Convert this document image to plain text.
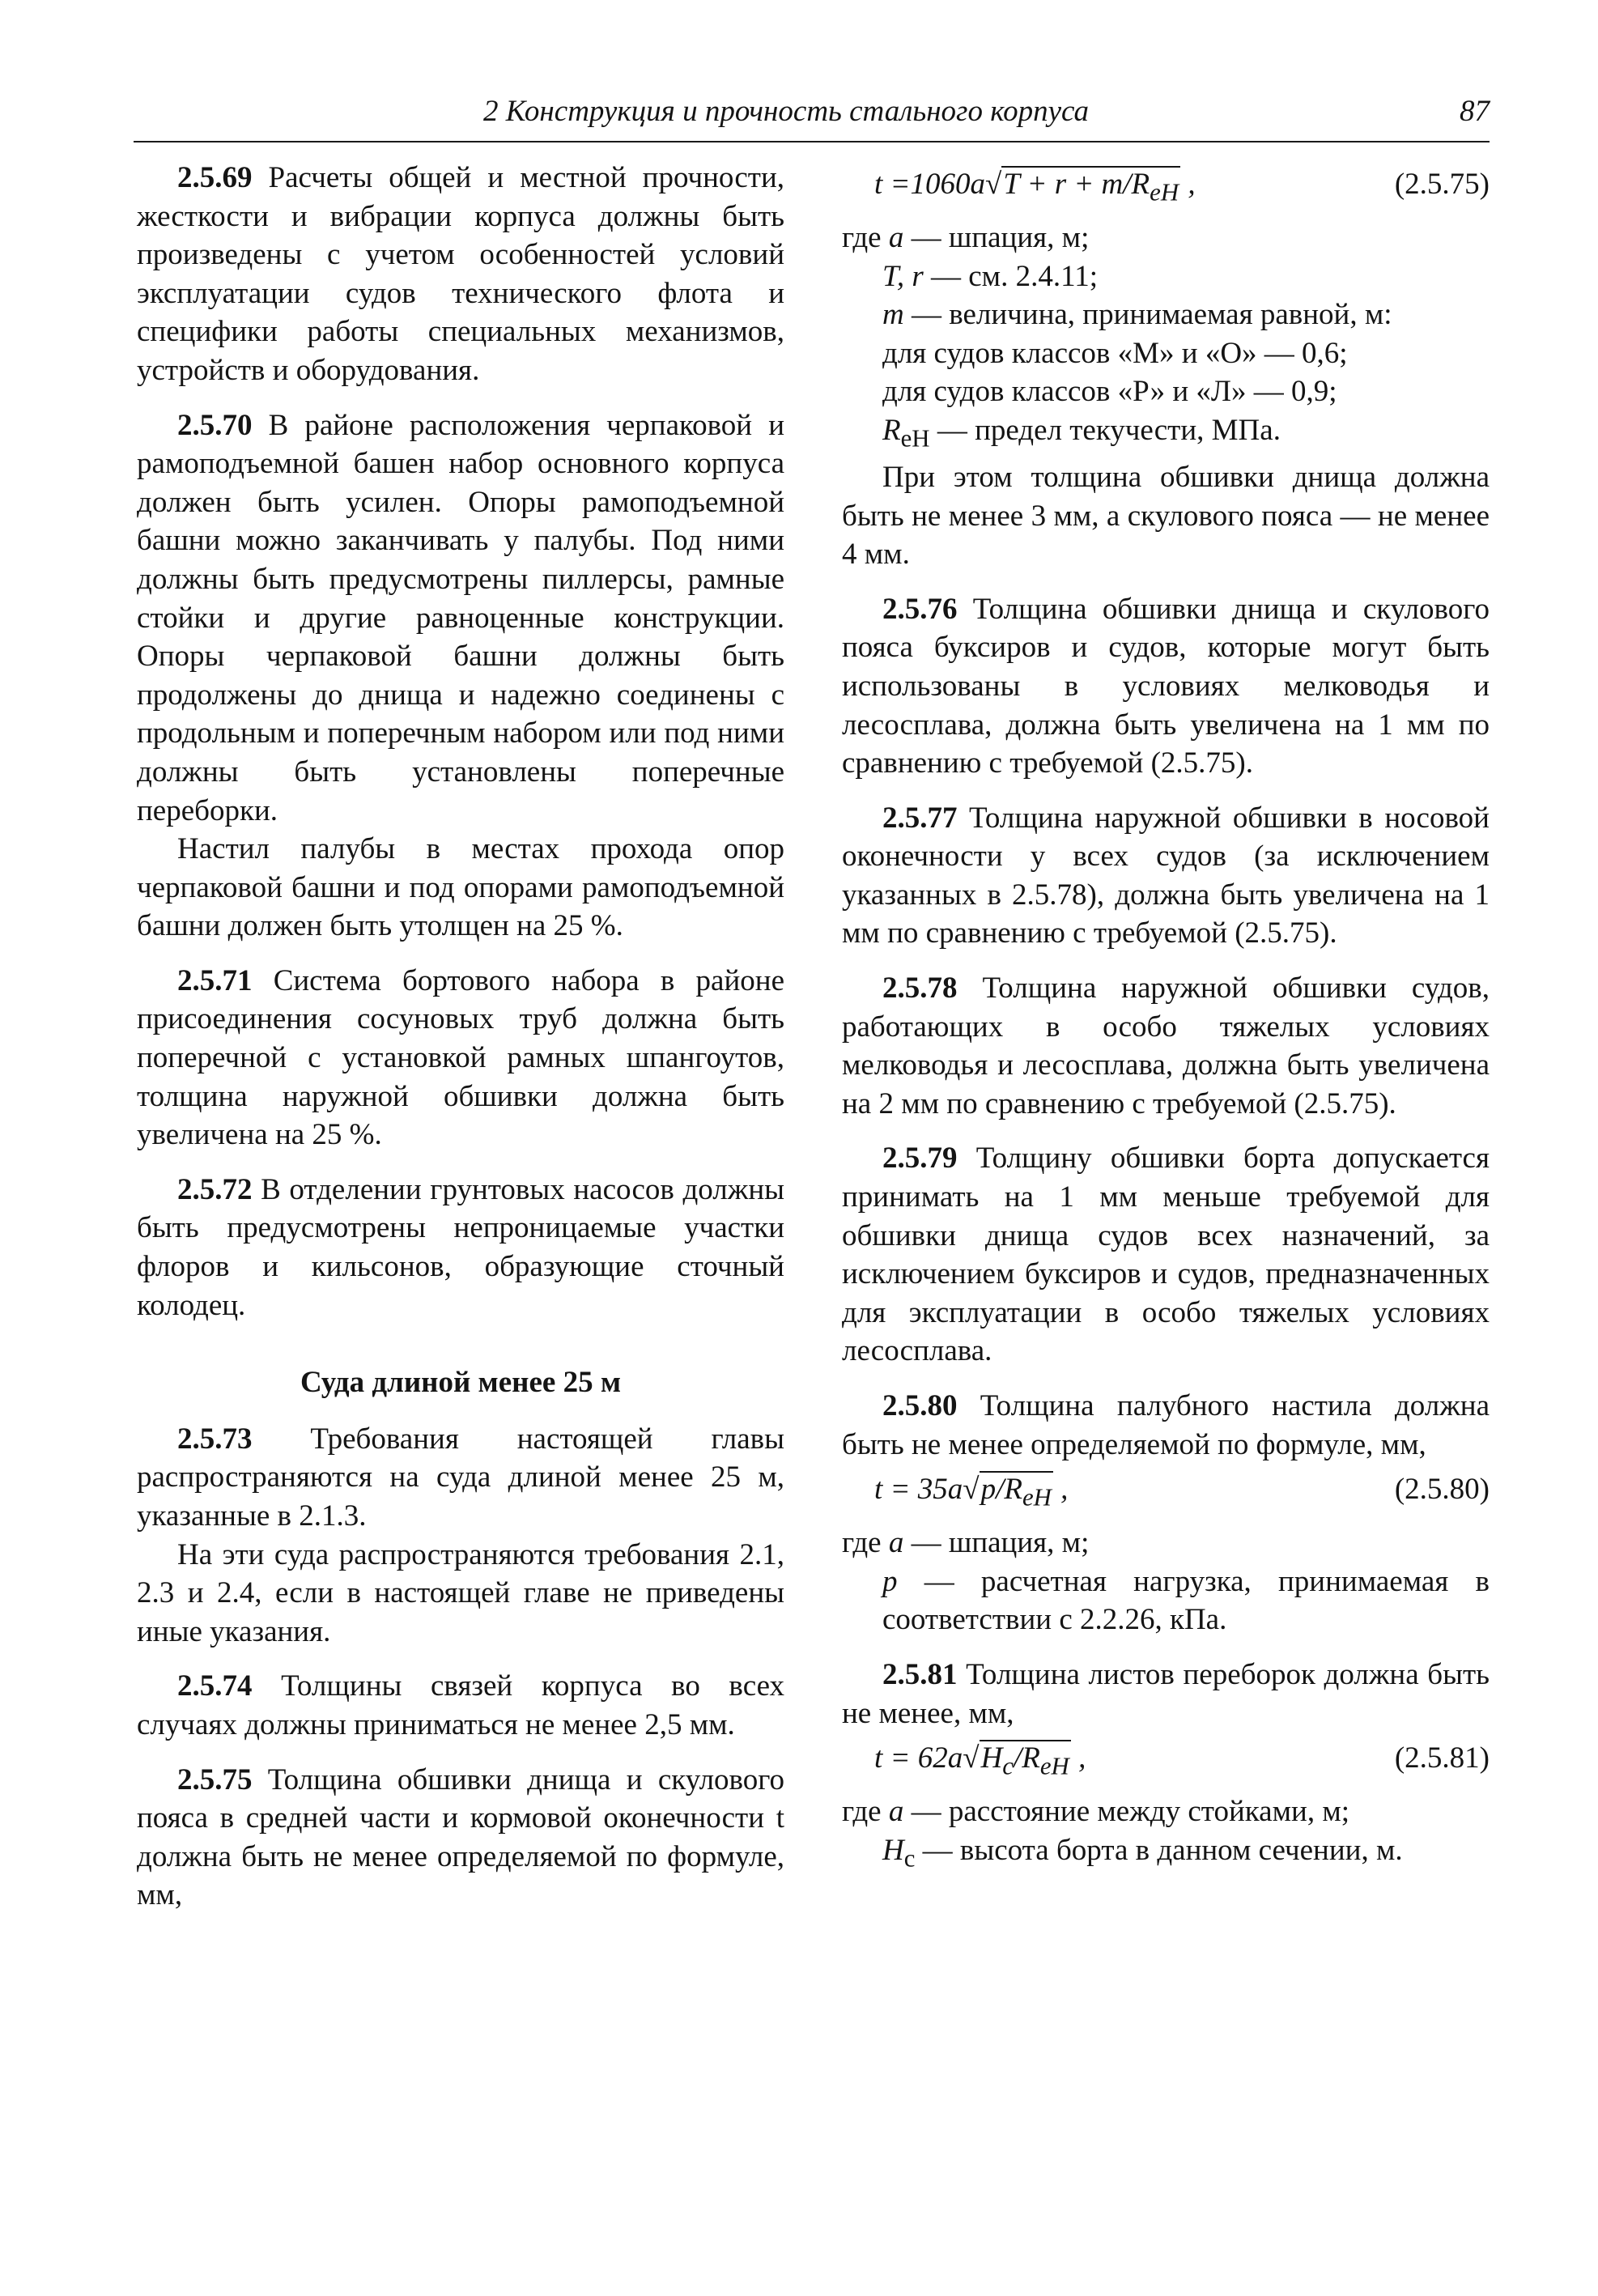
2 Конструкция и прочность стального корпуса	87

2.5.69 Расчеты общей и местной прочности, жесткости и вибрации корпуса должны быть произведены с учетом особенностей условий эксплуатации судов технического флота и специфики работы специальных механизмов, устройств и оборудования.

2.5.70 В районе расположения черпаковой и рамоподъемной башен набор основного корпуса должен быть усилен. Опоры рамоподъемной башни можно заканчивать у палубы. Под ними должны быть предусмотрены пиллерсы, рамные стойки и другие равноценные конструкции. Опоры черпаковой башни должны быть продолжены до днища и надежно соединены с продольным и поперечным набором или под ними должны быть установлены поперечные переборки.

Настил палубы в местах прохода опор черпаковой башни и под опорами рамоподъемной башни должен быть утолщен на 25 %.

2.5.71 Система бортового набора в районе присоединения сосуновых труб должна быть поперечной с установкой рамных шпангоутов, толщина наружной обшивки должна быть увеличена на 25 %.

2.5.72 В отделении грунтовых насосов должны быть предусмотрены непроницаемые участки флоров и кильсонов, образующие сточный колодец.

Суда длиной менее 25 м

2.5.73 Требования настоящей главы распространяются на суда длиной менее 25 м, указанные в 2.1.3.

На эти суда распространяются требования 2.1, 2.3 и 2.4, если в настоящей главе не приведены иные указания.

2.5.74 Толщины связей корпуса во всех случаях должны приниматься не менее 2,5 мм.

2.5.75 Толщина обшивки днища и скулового пояса в средней части и кормовой оконечности t должна быть не менее определяемой по формуле, мм,

$t =1060a√T + r + m/R_{eH}$ ,	(2.5.75)

где a — шпация, м;

T, r — см. 2.4.11;

m — величина, принимаемая равной, м:

для судов классов «М» и «О» — 0,6;

для судов классов «Р» и «Л» — 0,9;

$R_{eH}$ — предел текучести, МПа.

При этом толщина обшивки днища должна быть не менее 3 мм, а скулового пояса — не менее 4 мм.

2.5.76 Толщина обшивки днища и скулового пояса буксиров и судов, которые могут быть использованы в условиях мелководья и лесосплава, должна быть увеличена на 1 мм по сравнению с требуемой (2.5.75).

2.5.77 Толщина наружной обшивки в носовой оконечности у всех судов (за исключением указанных в 2.5.78), должна быть увеличена на 1 мм по сравнению с требуемой (2.5.75).

2.5.78 Толщина наружной обшивки судов, работающих в особо тяжелых условиях мелководья и лесосплава, должна быть увеличена на 2 мм по сравнению с требуемой (2.5.75).

2.5.79 Толщину обшивки борта допускается принимать на 1 мм меньше требуемой для обшивки днища судов всех назначений, за исключением буксиров и судов, предназначенных для эксплуатации в особо тяжелых условиях лесосплава.

2.5.80 Толщина палубного настила должна быть не менее определяемой по формуле, мм,

$t = 35a√p/R_{eH}$ ,	(2.5.80)

где a — шпация, м;

p — расчетная нагрузка, принимаемая в соответствии с 2.2.26, кПа.

2.5.81 Толщина листов переборок должна быть не менее, мм,

$t = 62a√H_c/R_{eH}$ ,	(2.5.81)

где a — расстояние между стойками, м;

$H_c$ — высота борта в данном сечении, м.
